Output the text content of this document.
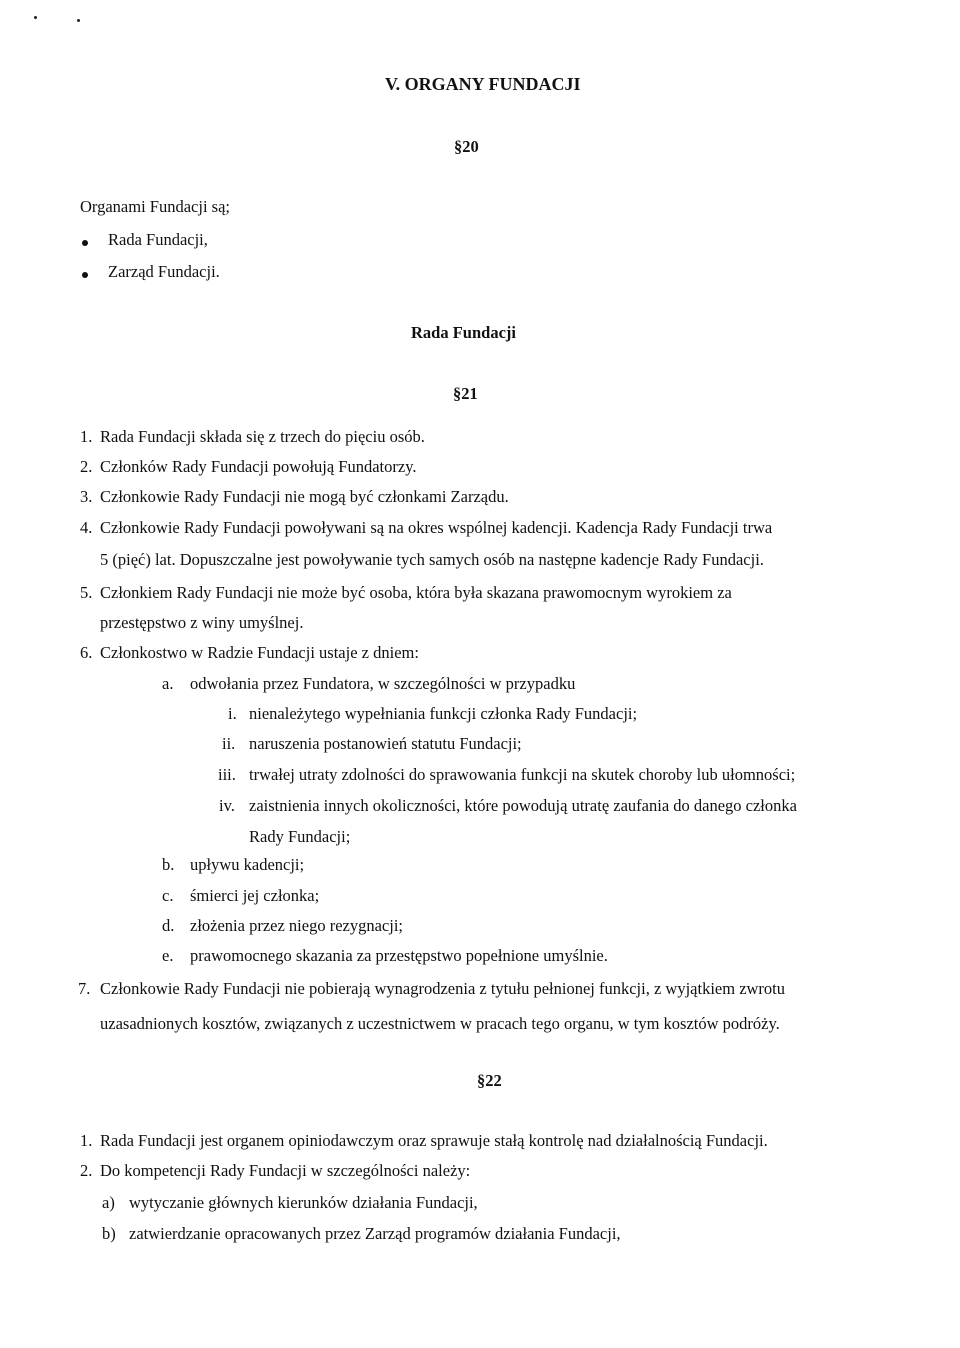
V. ORGANY FUNDACJI
§20
Organami Fundacji są;
Rada Fundacji,
Zarząd Fundacji.
Rada Fundacji
§21
1. Rada Fundacji składa się z trzech do pięciu osób.
2. Członków Rady Fundacji powołują Fundatorzy.
3. Członkowie Rady Fundacji nie mogą być członkami Zarządu.
4. Członkowie Rady Fundacji powoływani są na okres wspólnej kadencji. Kadencja Rady Fundacji trwa
5 (pięć) lat. Dopuszczalne jest powoływanie tych samych osób na następne kadencje Rady Fundacji.
5. Członkiem Rady Fundacji nie może być osoba, która była skazana prawomocnym wyrokiem za
przestępstwo z winy umyślnej.
6. Członkostwo w Radzie Fundacji ustaje z dniem:
a. odwołania przez Fundatora, w szczególności w przypadku
i. nienależytego wypełniania funkcji członka Rady Fundacji;
ii. naruszenia postanowień statutu Fundacji;
iii. trwałej utraty zdolności do sprawowania funkcji na skutek choroby lub ułomności;
iv. zaistnienia innych okoliczności, które powodują utratę zaufania do danego członka
Rady Fundacji;
b. upływu kadencji;
c. śmierci jej członka;
d. złożenia przez niego rezygnacji;
e. prawomocnego skazania za przestępstwo popełnione umyślnie.
7. Członkowie Rady Fundacji nie pobierają wynagrodzenia z tytułu pełnionej funkcji, z wyjątkiem zwrotu
uzasadnionych kosztów, związanych z uczestnictwem w pracach tego organu, w tym kosztów podróży.
§22
1. Rada Fundacji jest organem opiniodawczym oraz sprawuje stałą kontrolę nad działalnością Fundacji.
2. Do kompetencji Rady Fundacji w szczególności należy:
a) wytyczanie głównych kierunków działania Fundacji,
b) zatwierdzanie opracowanych przez Zarząd programów działania Fundacji,
